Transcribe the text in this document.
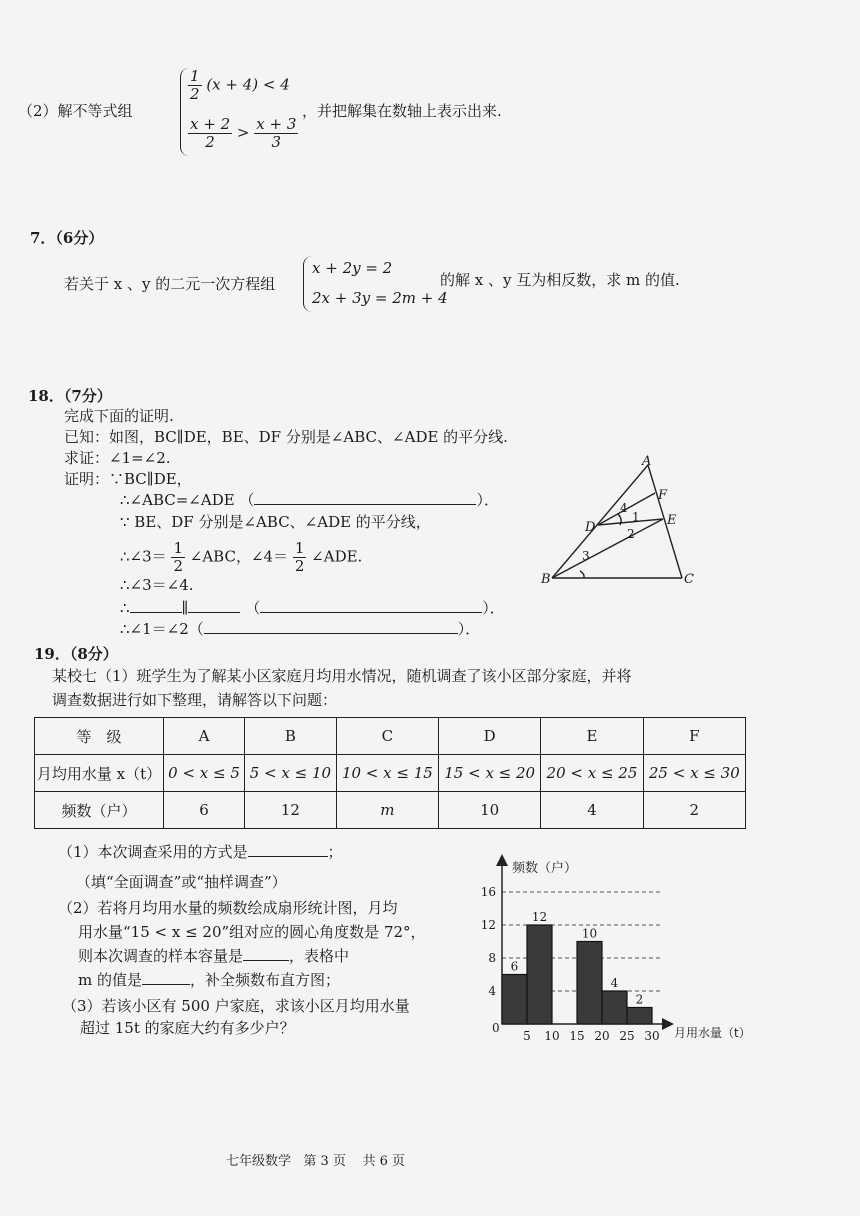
（2）解不等式组
$\frac{1}{2} (x + 4) < 4$
$\frac{x + 2}{2} > \frac{x + 3}{3}$
，并把解集在数轴上表示出来.
7．（6分）
若关于 x 、y 的二元一次方程组
x + 2y = 2
2x + 3y = 2m + 4
的解 x 、y 互为相反数，求 m 的值.
18．（7分）
完成下面的证明.
已知：如图，BC∥DE，BE、DF 分别是∠ABC、∠ADE 的平分线.
求证：∠1=∠2.
证明：∵BC∥DE，
∴∠ABC=∠ADE （	）．
∵ BE、DF 分别是∠ABC、∠ADE 的平分线，
∴∠3＝ $\frac{1}{2}$ ∠ABC，∠4＝ $\frac{1}{2}$ ∠ADE.
∴∠3＝∠4.
∴	∥	（	）．
∴∠1＝∠2（	）．
A
B	C
D	E
F
1
2
3
4
19．（8分）
某校七（1）班学生为了解某小区家庭月均用水情况，随机调查了该小区部分家庭，并将
调查数据进行如下整理，请解答以下问题：
等　级	A	B	C	D	E	F
月均用水量 x（t）	0 < x ≤ 5	5 < x ≤ 10	10 < x ≤ 15	15 < x ≤ 20	20 < x ≤ 25	25 < x ≤ 30
频数（户）	6	12	m	10	4	2
（1）本次调查采用的方式是	；
（填“全面调查”或“抽样调查”）
（2）若将月均用水量的频数绘成扇形统计图，月均
用水量“15 < x ≤ 20”组对应的圆心角度数是 72°，
则本次调查的样本容量是	，表格中
m 的值是	，补全频数布直方图；
（3）若该小区有 500 户家庭，求该小区月均用水量
超过 15t 的家庭大约有多少户？
4
8
12
16
5 10 15 20 25 30
6
12
10
4
2
频数（户）
月用水量（t）
0
七年级数学 第 3 页 共 6 页
